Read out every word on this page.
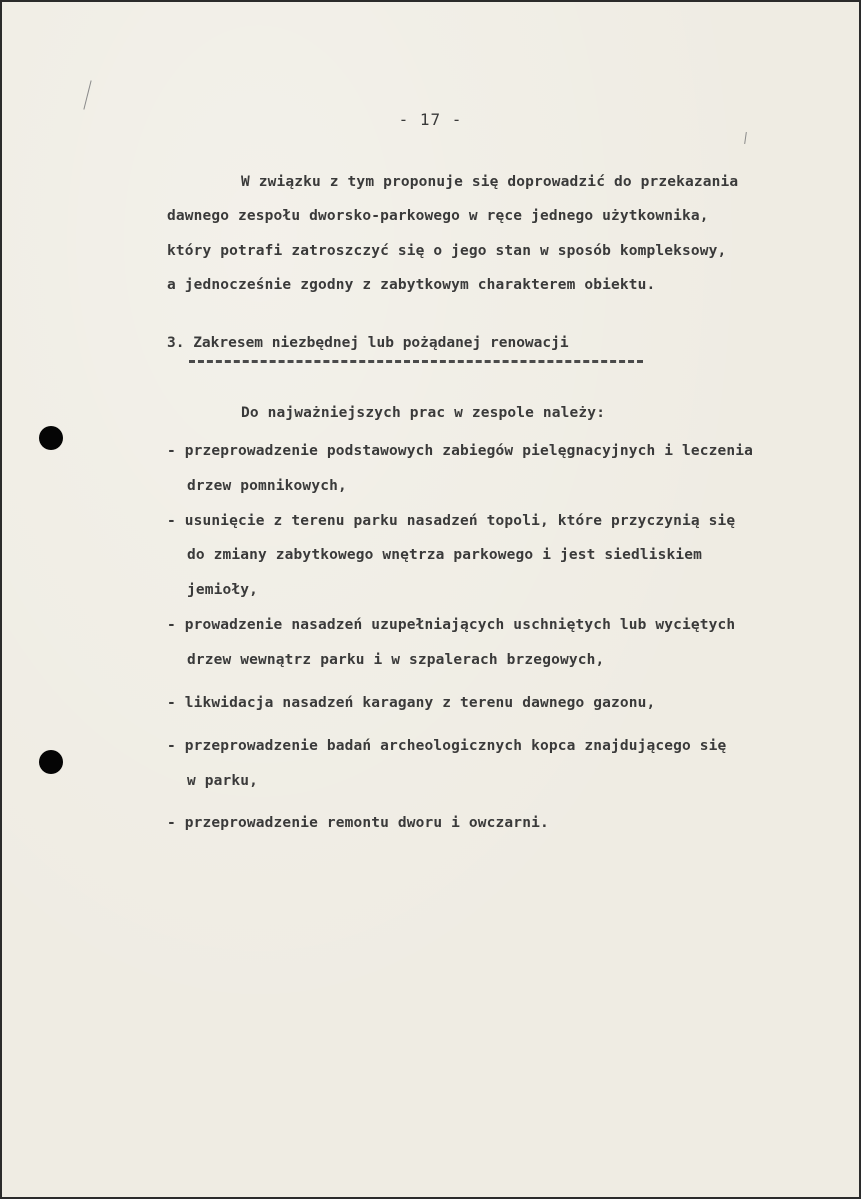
- 17 -
W związku z tym proponuje się doprowadzić do przekazania
dawnego zespołu dworsko-parkowego w ręce jednego użytkownika,
który potrafi zatroszczyć się o jego stan w sposób kompleksowy,
a jednocześnie zgodny z zabytkowym charakterem obiektu.
3. Zakresem niezbędnej lub pożądanej renowacji
Do najważniejszych prac w zespole należy:
- przeprowadzenie podstawowych zabiegów pielęgnacyjnych i leczenia
drzew pomnikowych,
- usunięcie z terenu parku nasadzeń topoli, które przyczynią się
do zmiany zabytkowego wnętrza parkowego i jest siedliskiem
jemioły,
- prowadzenie nasadzeń uzupełniających uschniętych lub wyciętych
drzew wewnątrz parku i w szpalerach brzegowych,
- likwidacja nasadzeń karagany z terenu dawnego gazonu,
- przeprowadzenie badań archeologicznych kopca znajdującego się
w parku,
- przeprowadzenie remontu dworu i owczarni.
